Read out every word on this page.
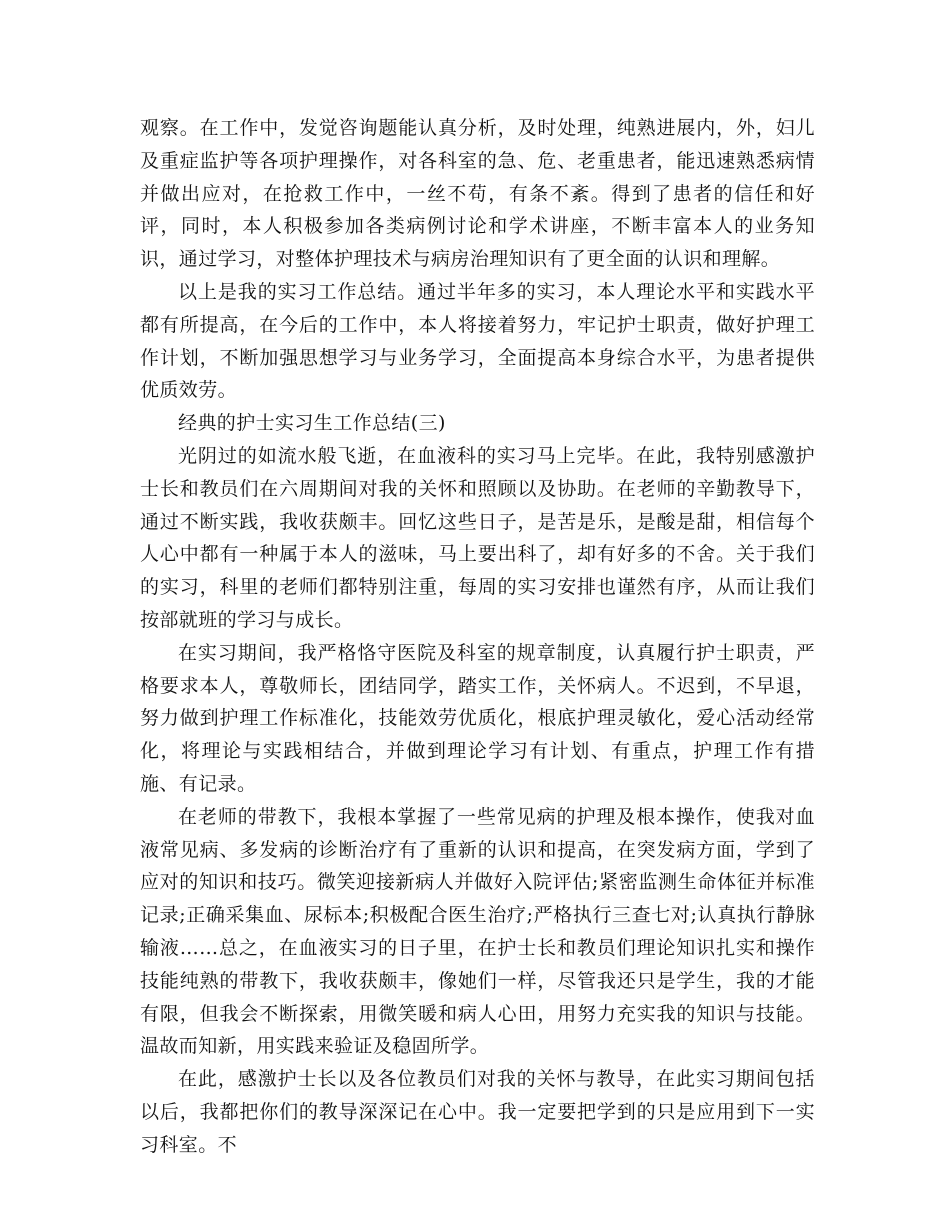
观察。在工作中，发觉咨询题能认真分析，及时处理，纯熟进展内，外，妇儿及重症监护等各项护理操作，对各科室的急、危、老重患者，能迅速熟悉病情并做出应对，在抢救工作中，一丝不苟，有条不紊。得到了患者的信任和好评，同时，本人积极参加各类病例讨论和学术讲座，不断丰富本人的业务知识，通过学习，对整体护理技术与病房治理知识有了更全面的认识和理解。

以上是我的实习工作总结。通过半年多的实习，本人理论水平和实践水平都有所提高，在今后的工作中，本人将接着努力，牢记护士职责，做好护理工作计划，不断加强思想学习与业务学习，全面提高本身综合水平，为患者提供优质效劳。

经典的护士实习生工作总结(三)

光阴过的如流水般飞逝，在血液科的实习马上完毕。在此，我特别感激护士长和教员们在六周期间对我的关怀和照顾以及协助。在老师的辛勤教导下，通过不断实践，我收获颇丰。回忆这些日子，是苦是乐，是酸是甜，相信每个人心中都有一种属于本人的滋味，马上要出科了，却有好多的不舍。关于我们的实习，科里的老师们都特别注重，每周的实习安排也谨然有序，从而让我们按部就班的学习与成长。

在实习期间，我严格恪守医院及科室的规章制度，认真履行护士职责，严格要求本人，尊敬师长，团结同学，踏实工作，关怀病人。不迟到，不早退，努力做到护理工作标准化，技能效劳优质化，根底护理灵敏化，爱心活动经常化，将理论与实践相结合，并做到理论学习有计划、有重点，护理工作有措施、有记录。

在老师的带教下，我根本掌握了一些常见病的护理及根本操作，使我对血液常见病、多发病的诊断治疗有了重新的认识和提高，在突发病方面，学到了应对的知识和技巧。微笑迎接新病人并做好入院评估;紧密监测生命体征并标准记录;正确采集血、尿标本;积极配合医生治疗;严格执行三查七对;认真执行静脉输液……总之，在血液实习的日子里，在护士长和教员们理论知识扎实和操作技能纯熟的带教下，我收获颇丰，像她们一样，尽管我还只是学生，我的才能有限，但我会不断探索，用微笑暖和病人心田，用努力充实我的知识与技能。温故而知新，用实践来验证及稳固所学。

在此，感激护士长以及各位教员们对我的关怀与教导，在此实习期间包括以后，我都把你们的教导深深记在心中。我一定要把学到的只是应用到下一实习科室。不
